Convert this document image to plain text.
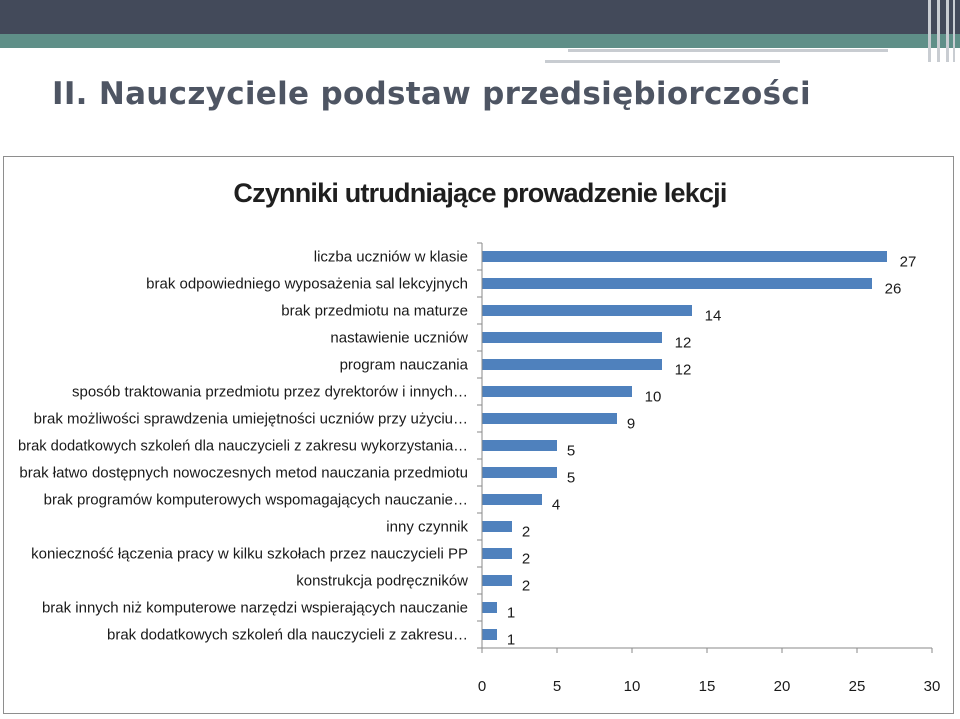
II. Nauczyciele podstaw przedsiębiorczości
Czynniki utrudniające prowadzenie lekcji
0	5	10	15	20	25	30
liczba uczniów w klasie	27
brak odpowiedniego wyposażenia sal lekcyjnych	26
brak przedmiotu na maturze	14
nastawienie uczniów	12
program nauczania	12
sposób traktowania przedmiotu przez dyrektorów i innych…	10
brak możliwości sprawdzenia umiejętności uczniów przy użyciu…	9
brak dodatkowych szkoleń dla nauczycieli z zakresu wykorzystania…	5
brak łatwo dostępnych nowoczesnych metod nauczania przedmiotu	5
brak programów komputerowych wspomagających nauczanie…	4
inny czynnik	2
konieczność łączenia pracy w kilku szkołach przez nauczycieli PP	2
konstrukcja podręczników	2
brak innych niż komputerowe narzędzi wspierających nauczanie	1
brak dodatkowych szkoleń dla nauczycieli z zakresu…	1
